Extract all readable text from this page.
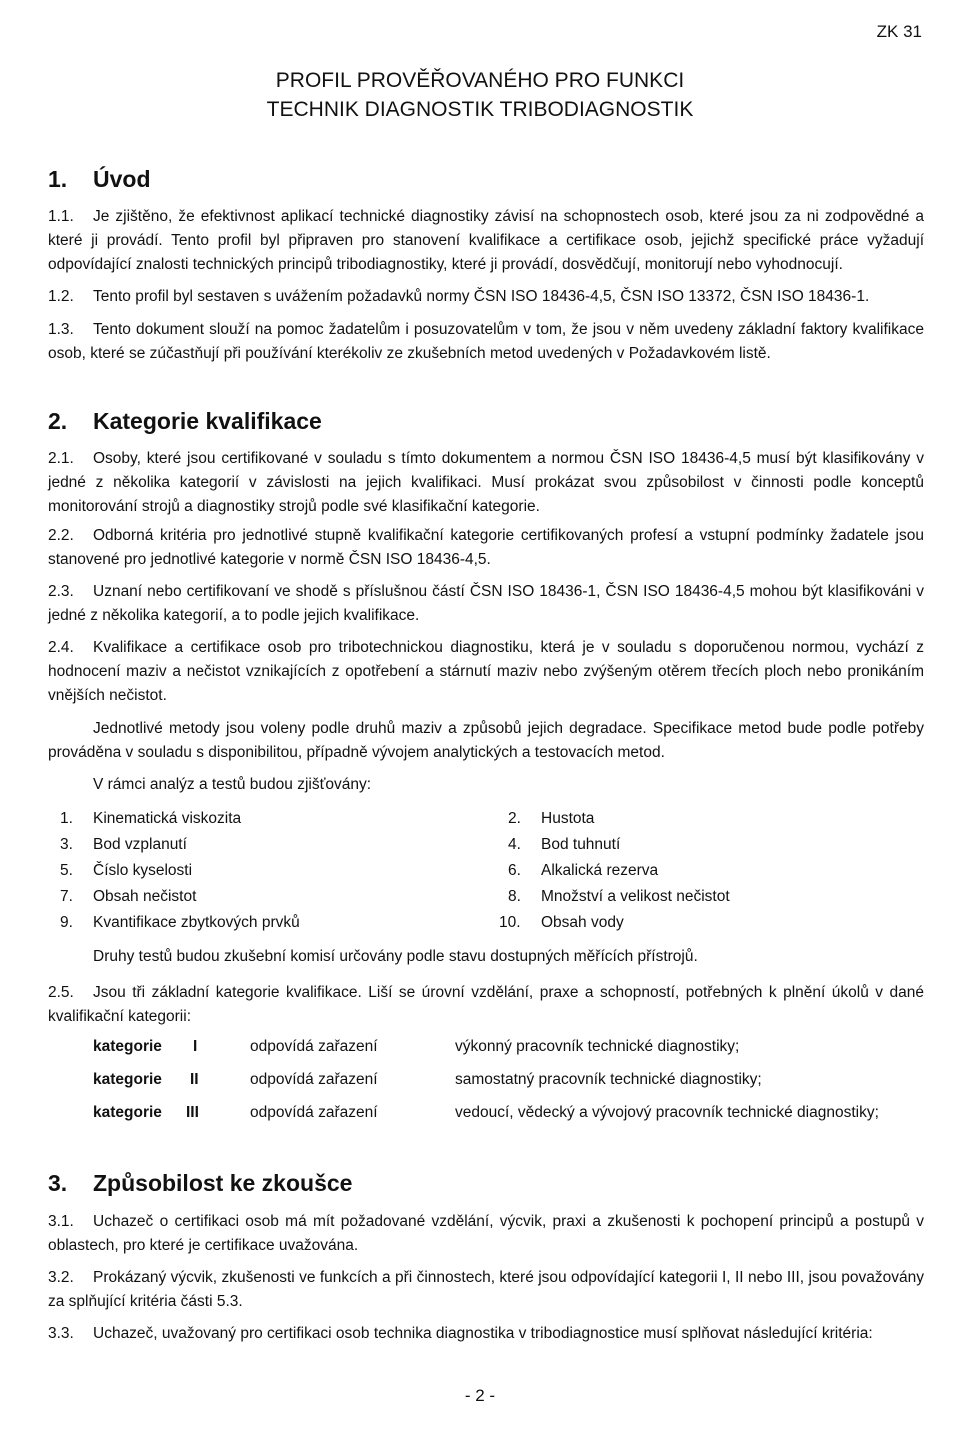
ZK 31
PROFIL PROVĚŘOVANÉHO PRO FUNKCI
TECHNIK DIAGNOSTIK TRIBODIAGNOSTIK
1. Úvod
1.1. Je zjištěno, že efektivnost aplikací technické diagnostiky závisí na schopnostech osob, které jsou za ni zodpovědné a které ji provádí. Tento profil byl připraven pro stanovení kvalifikace a certifikace osob, jejichž specifické práce vyžadují odpovídající znalosti technických principů tribodiagnostiky, které ji provádí, dosvědčují, monitorují nebo vyhodnocují.
1.2. Tento profil byl sestaven s uvážením požadavků normy ČSN ISO 18436-4,5, ČSN ISO 13372, ČSN ISO 18436-1.
1.3. Tento dokument slouží na pomoc žadatelům i posuzovatelům v tom, že jsou v něm uvedeny základní faktory kvalifikace osob, které se zúčastňují při používání kterékoliv ze zkušebních metod uvedených v Požadavkovém listě.
2. Kategorie kvalifikace
2.1. Osoby, které jsou certifikované v souladu s tímto dokumentem a normou ČSN ISO 18436-4,5 musí být klasifikovány v jedné z několika kategorií v závislosti na jejich kvalifikaci. Musí prokázat svou způsobilost v činnosti podle konceptů monitorování strojů a diagnostiky strojů podle své klasifikační kategorie.
2.2. Odborná kritéria pro jednotlivé stupně kvalifikační kategorie certifikovaných profesí a vstupní podmínky žadatele jsou stanovené pro jednotlivé kategorie v normě ČSN ISO 18436-4,5.
2.3. Uznaní nebo certifikovaní ve shodě s příslušnou částí ČSN ISO 18436-1, ČSN ISO 18436-4,5 mohou být klasifikováni v jedné z několika kategorií, a to podle jejich kvalifikace.
2.4. Kvalifikace a certifikace osob pro tribotechnickou diagnostiku, která je v souladu s doporučenou normou, vychází z hodnocení maziv a nečistot vznikajících z opotřebení a stárnutí maziv nebo zvýšeným otěrem třecích ploch nebo pronikáním vnějších nečistot.
Jednotlivé metody jsou voleny podle druhů maziv a způsobů jejich degradace. Specifikace metod bude podle potřeby prováděna v souladu s disponibilitou, případně vývojem analytických a testovacích metod.
V rámci analýz a testů budou zjišťovány:
1. Kinematická viskozita	2. Hustota
3. Bod vzplanutí	4. Bod tuhnutí
5. Číslo kyselosti	6. Alkalická rezerva
7. Obsah nečistot	8. Množství a velikost nečistot
9. Kvantifikace zbytkových prvků	10. Obsah vody
Druhy testů budou zkušební komisí určovány podle stavu dostupných měřících přístrojů.
2.5. Jsou tři základní kategorie kvalifikace. Liší se úrovní vzdělání, praxe a schopností, potřebných k plnění úkolů v dané kvalifikační kategorii:
kategorie I	odpovídá zařazení	výkonný pracovník technické diagnostiky;
kategorie II	odpovídá zařazení	samostatný pracovník technické diagnostiky;
kategorie III	odpovídá zařazení	vedoucí, vědecký a vývojový pracovník technické diagnostiky;
3. Způsobilost ke zkoušce
3.1. Uchazeč o certifikaci osob má mít požadované vzdělání, výcvik, praxi a zkušenosti k pochopení principů a postupů v oblastech, pro které je certifikace uvažována.
3.2. Prokázaný výcvik, zkušenosti ve funkcích a při činnostech, které jsou odpovídající kategorii I, II nebo III, jsou považovány za splňující kritéria části 5.3.
3.3. Uchazeč, uvažovaný pro certifikaci osob technika diagnostika v tribodiagnostice musí splňovat následující kritéria:
- 2 -
